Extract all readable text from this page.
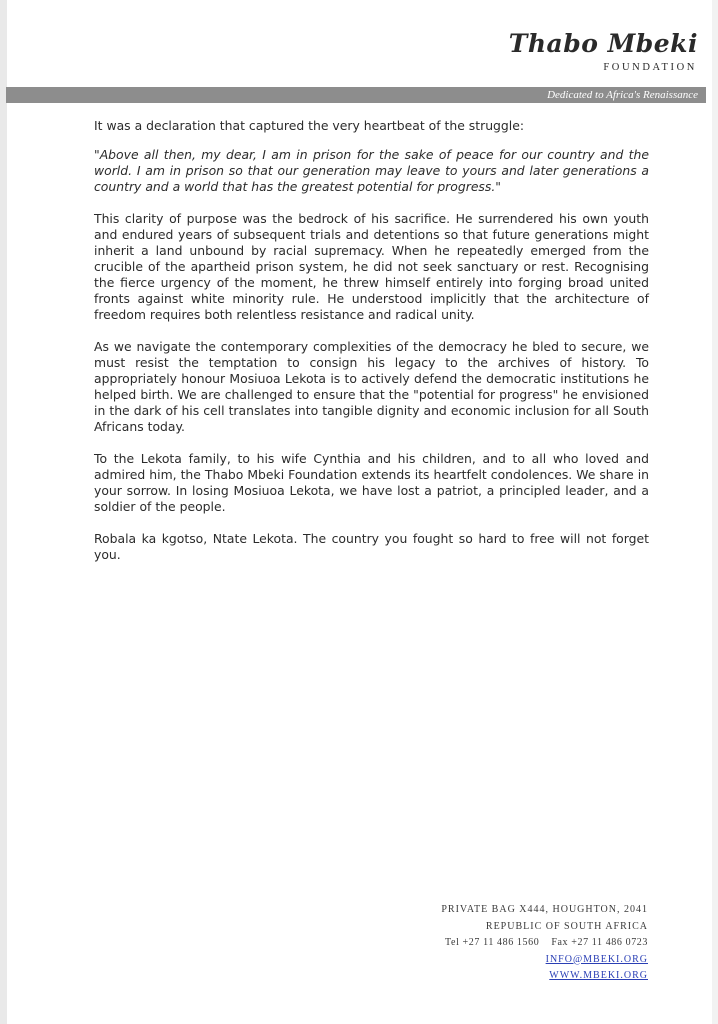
Thabo Mbeki
FOUNDATION
Dedicated to Africa's Renaissance

It was a declaration that captured the very heartbeat of the struggle:

"Above all then, my dear, I am in prison for the sake of peace for our country and the world. I am in prison so that our generation may leave to yours and later generations a country and a world that has the greatest potential for progress."

This clarity of purpose was the bedrock of his sacrifice. He surrendered his own youth and endured years of subsequent trials and detentions so that future generations might inherit a land unbound by racial supremacy. When he repeatedly emerged from the crucible of the apartheid prison system, he did not seek sanctuary or rest. Recognising the fierce urgency of the moment, he threw himself entirely into forging broad united fronts against white minority rule. He understood implicitly that the architecture of freedom requires both relentless resistance and radical unity.

As we navigate the contemporary complexities of the democracy he bled to secure, we must resist the temptation to consign his legacy to the archives of history. To appropriately honour Mosiuoa Lekota is to actively defend the democratic institutions he helped birth. We are challenged to ensure that the "potential for progress" he envisioned in the dark of his cell translates into tangible dignity and economic inclusion for all South Africans today.

To the Lekota family, to his wife Cynthia and his children, and to all who loved and admired him, the Thabo Mbeki Foundation extends its heartfelt condolences. We share in your sorrow. In losing Mosiuoa Lekota, we have lost a patriot, a principled leader, and a soldier of the people.

Robala ka kgotso, Ntate Lekota. The country you fought so hard to free will not forget you.

PRIVATE BAG X444, HOUGHTON, 2041
REPUBLIC OF SOUTH AFRICA
Tel +27 11 486 1560 Fax +27 11 486 0723
INFO@MBEKI.ORG
WWW.MBEKI.ORG
